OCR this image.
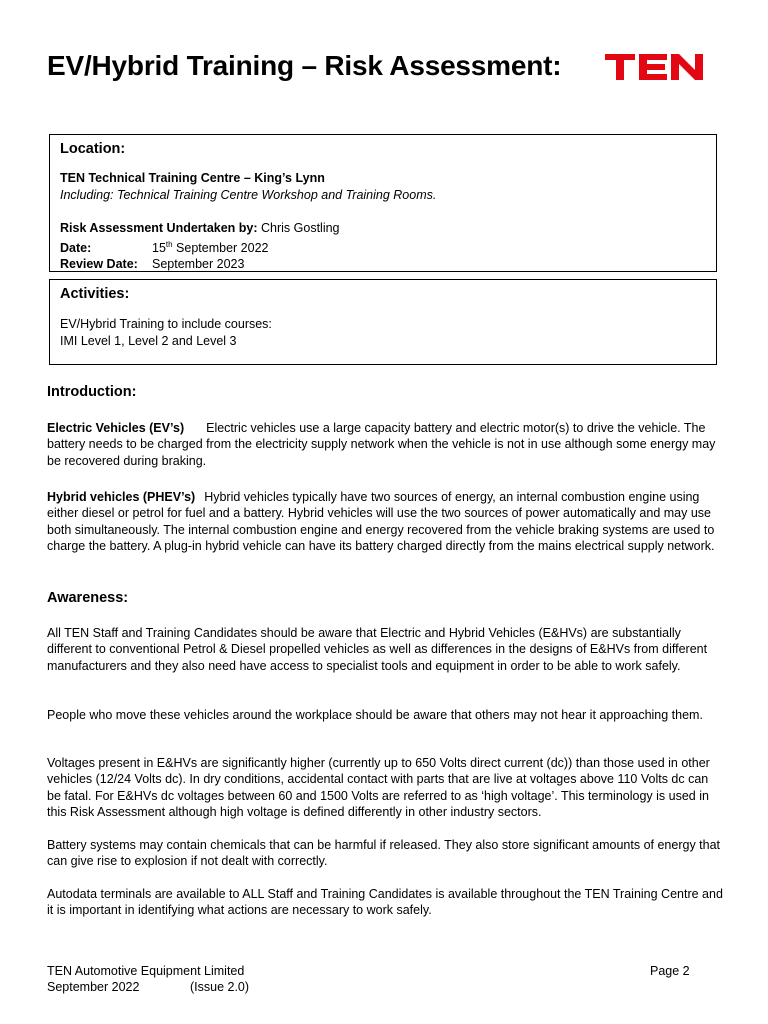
EV/Hybrid Training – Risk Assessment:
Location:
TEN Technical Training Centre – King’s Lynn
Including: Technical Training Centre Workshop and Training Rooms.
Risk Assessment Undertaken by: Chris Gostling
Date:	15th September 2022
Review Date: September 2023
Activities:
EV/Hybrid Training to include courses:
IMI Level 1, Level 2 and Level 3
Introduction:

Electric Vehicles (EV’s) Electric vehicles use a large capacity battery and electric motor(s) to drive the vehicle. The battery needs to be charged from the electricity supply network when the vehicle is not in use although some energy may be recovered during braking.

Hybrid vehicles (PHEV’s) Hybrid vehicles typically have two sources of energy, an internal combustion engine using either diesel or petrol for fuel and a battery. Hybrid vehicles will use the two sources of power automatically and may use both simultaneously. The internal combustion engine and energy recovered from the vehicle braking systems are used to charge the battery. A plug-in hybrid vehicle can have its battery charged directly from the mains electrical supply network.

Awareness:

All TEN Staff and Training Candidates should be aware that Electric and Hybrid Vehicles (E&HVs) are substantially different to conventional Petrol & Diesel propelled vehicles as well as differences in the designs of E&HVs from different manufacturers and they also need have access to specialist tools and equipment in order to be able to work safely.

People who move these vehicles around the workplace should be aware that others may not hear it approaching them.

Voltages present in E&HVs are significantly higher (currently up to 650 Volts direct current (dc)) than those used in other vehicles (12/24 Volts dc). In dry conditions, accidental contact with parts that are live at voltages above 110 Volts dc can be fatal. For E&HVs dc voltages between 60 and 1500 Volts are referred to as ‘high voltage’. This terminology is used in this Risk Assessment although high voltage is defined differently in other industry sectors.

Battery systems may contain chemicals that can be harmful if released. They also store significant amounts of energy that can give rise to explosion if not dealt with correctly.

Autodata terminals are available to ALL Staff and Training Candidates is available throughout the TEN Training Centre and it is important in identifying what actions are necessary to work safely.

TEN Automotive Equipment Limited
September 2022	(Issue 2.0)
Page 2
